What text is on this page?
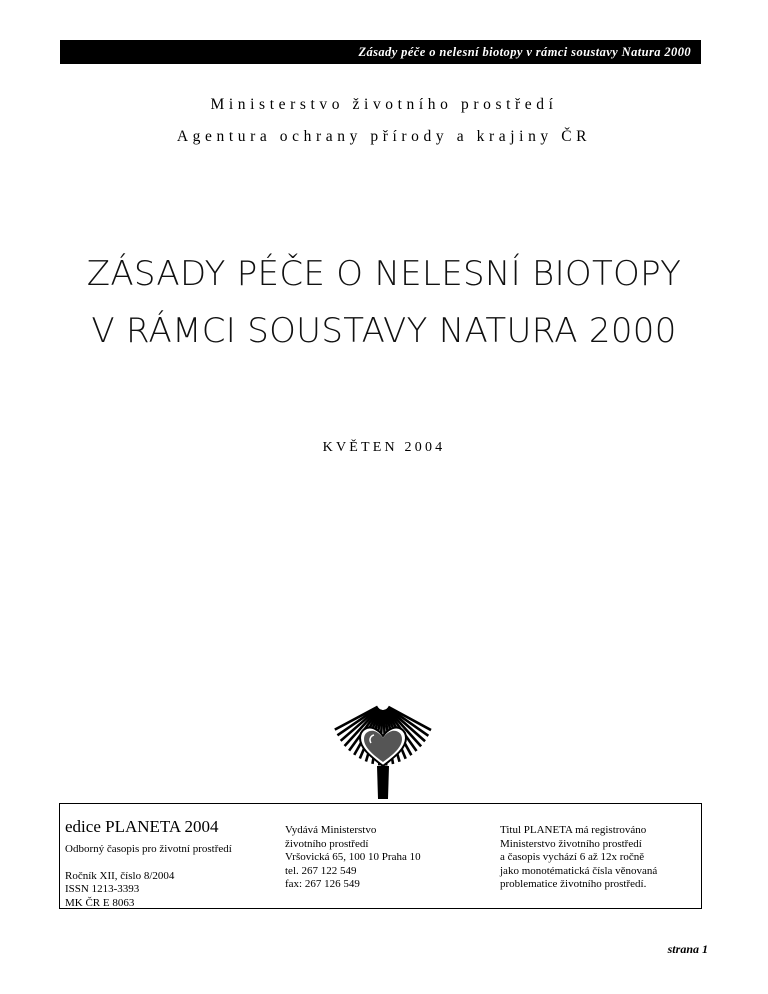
Zásady péče o nelesní biotopy v rámci soustavy Natura 2000
Ministerstvo životního prostředí
Agentura ochrany přírody a krajiny ČR
ZÁSADY PÉČE O NELESNÍ BIOTOPY
V RÁMCI SOUSTAVY NATURA 2000
KVĚTEN 2004
edice PLANETA 2004
Odborný časopis pro životní prostředí
Ročník XII, číslo 8/2004
ISSN 1213-3393
MK ČR E 8063
Vydává Ministerstvo
životního prostředí
Vršovická 65, 100 10 Praha 10
tel. 267 122 549
fax: 267 126 549
Titul PLANETA má registrováno
Ministerstvo životního prostředí
a časopis vychází 6 až 12x ročně
jako monotématická čísla věnovaná
problematice životního prostředí.
strana 1
